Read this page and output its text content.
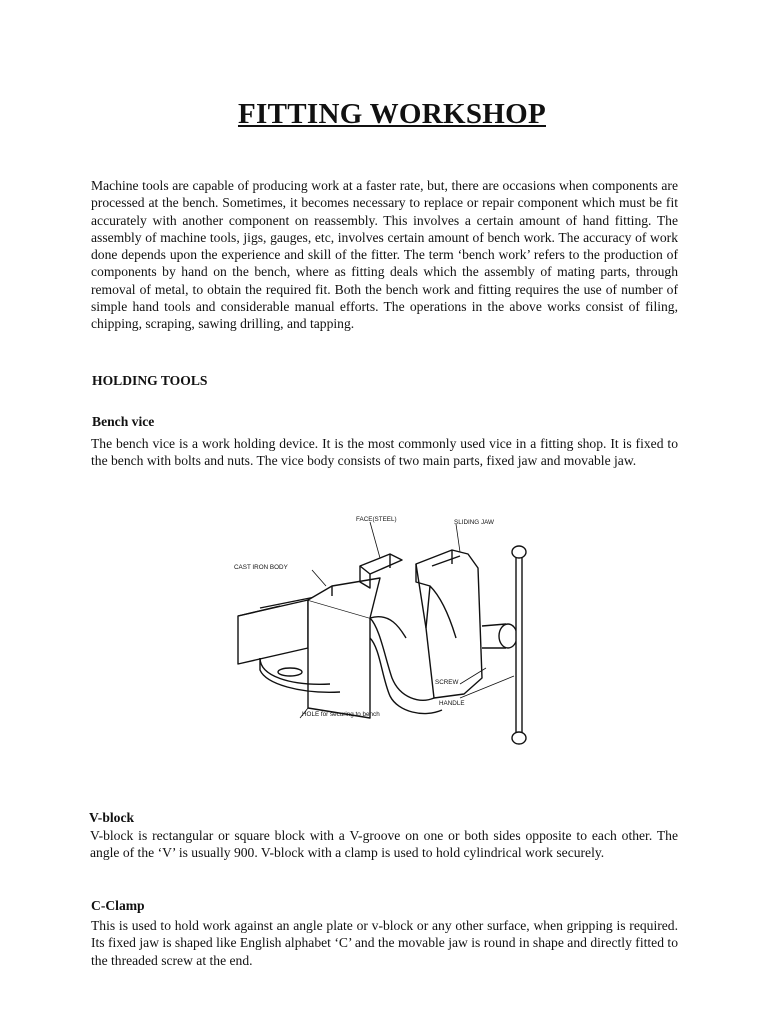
FITTING WORKSHOP

Machine tools are capable of producing work at a faster rate, but, there are occasions when components are processed at the bench. Sometimes, it becomes necessary to replace or repair component which must be fit accurately with another component on reassembly. This involves a certain amount of hand fitting. The assembly of machine tools, jigs, gauges, etc, involves certain amount of bench work. The accuracy of work done depends upon the experience and skill of the fitter. The term ‘bench work’ refers to the production of components by hand on the bench, where as fitting deals which the assembly of mating parts, through removal of metal, to obtain the required fit. Both the bench work and fitting requires the use of number of simple hand tools and considerable manual efforts. The operations in the above works consist of filing, chipping, scraping, sawing drilling, and tapping.

HOLDING TOOLS
Bench vice

The bench vice is a work holding device. It is the most commonly used vice in a fitting shop. It is fixed to the bench with bolts and nuts. The vice body consists of two main parts, fixed jaw and movable jaw.

FACE(STEEL)	SLIDING JAW
CAST IRON BODY
SCREW
HANDLE
HOLE for securing to bench
V-block

V-block is rectangular or square block with a V-groove on one or both sides opposite to each other. The angle of the ‘V’ is usually 900. V-block with a clamp is used to hold cylindrical work securely.

C-Clamp

This is used to hold work against an angle plate or v-block or any other surface, when gripping is required. Its fixed jaw is shaped like English alphabet ‘C’ and the movable jaw is round in shape and directly fitted to the threaded screw at the end.
